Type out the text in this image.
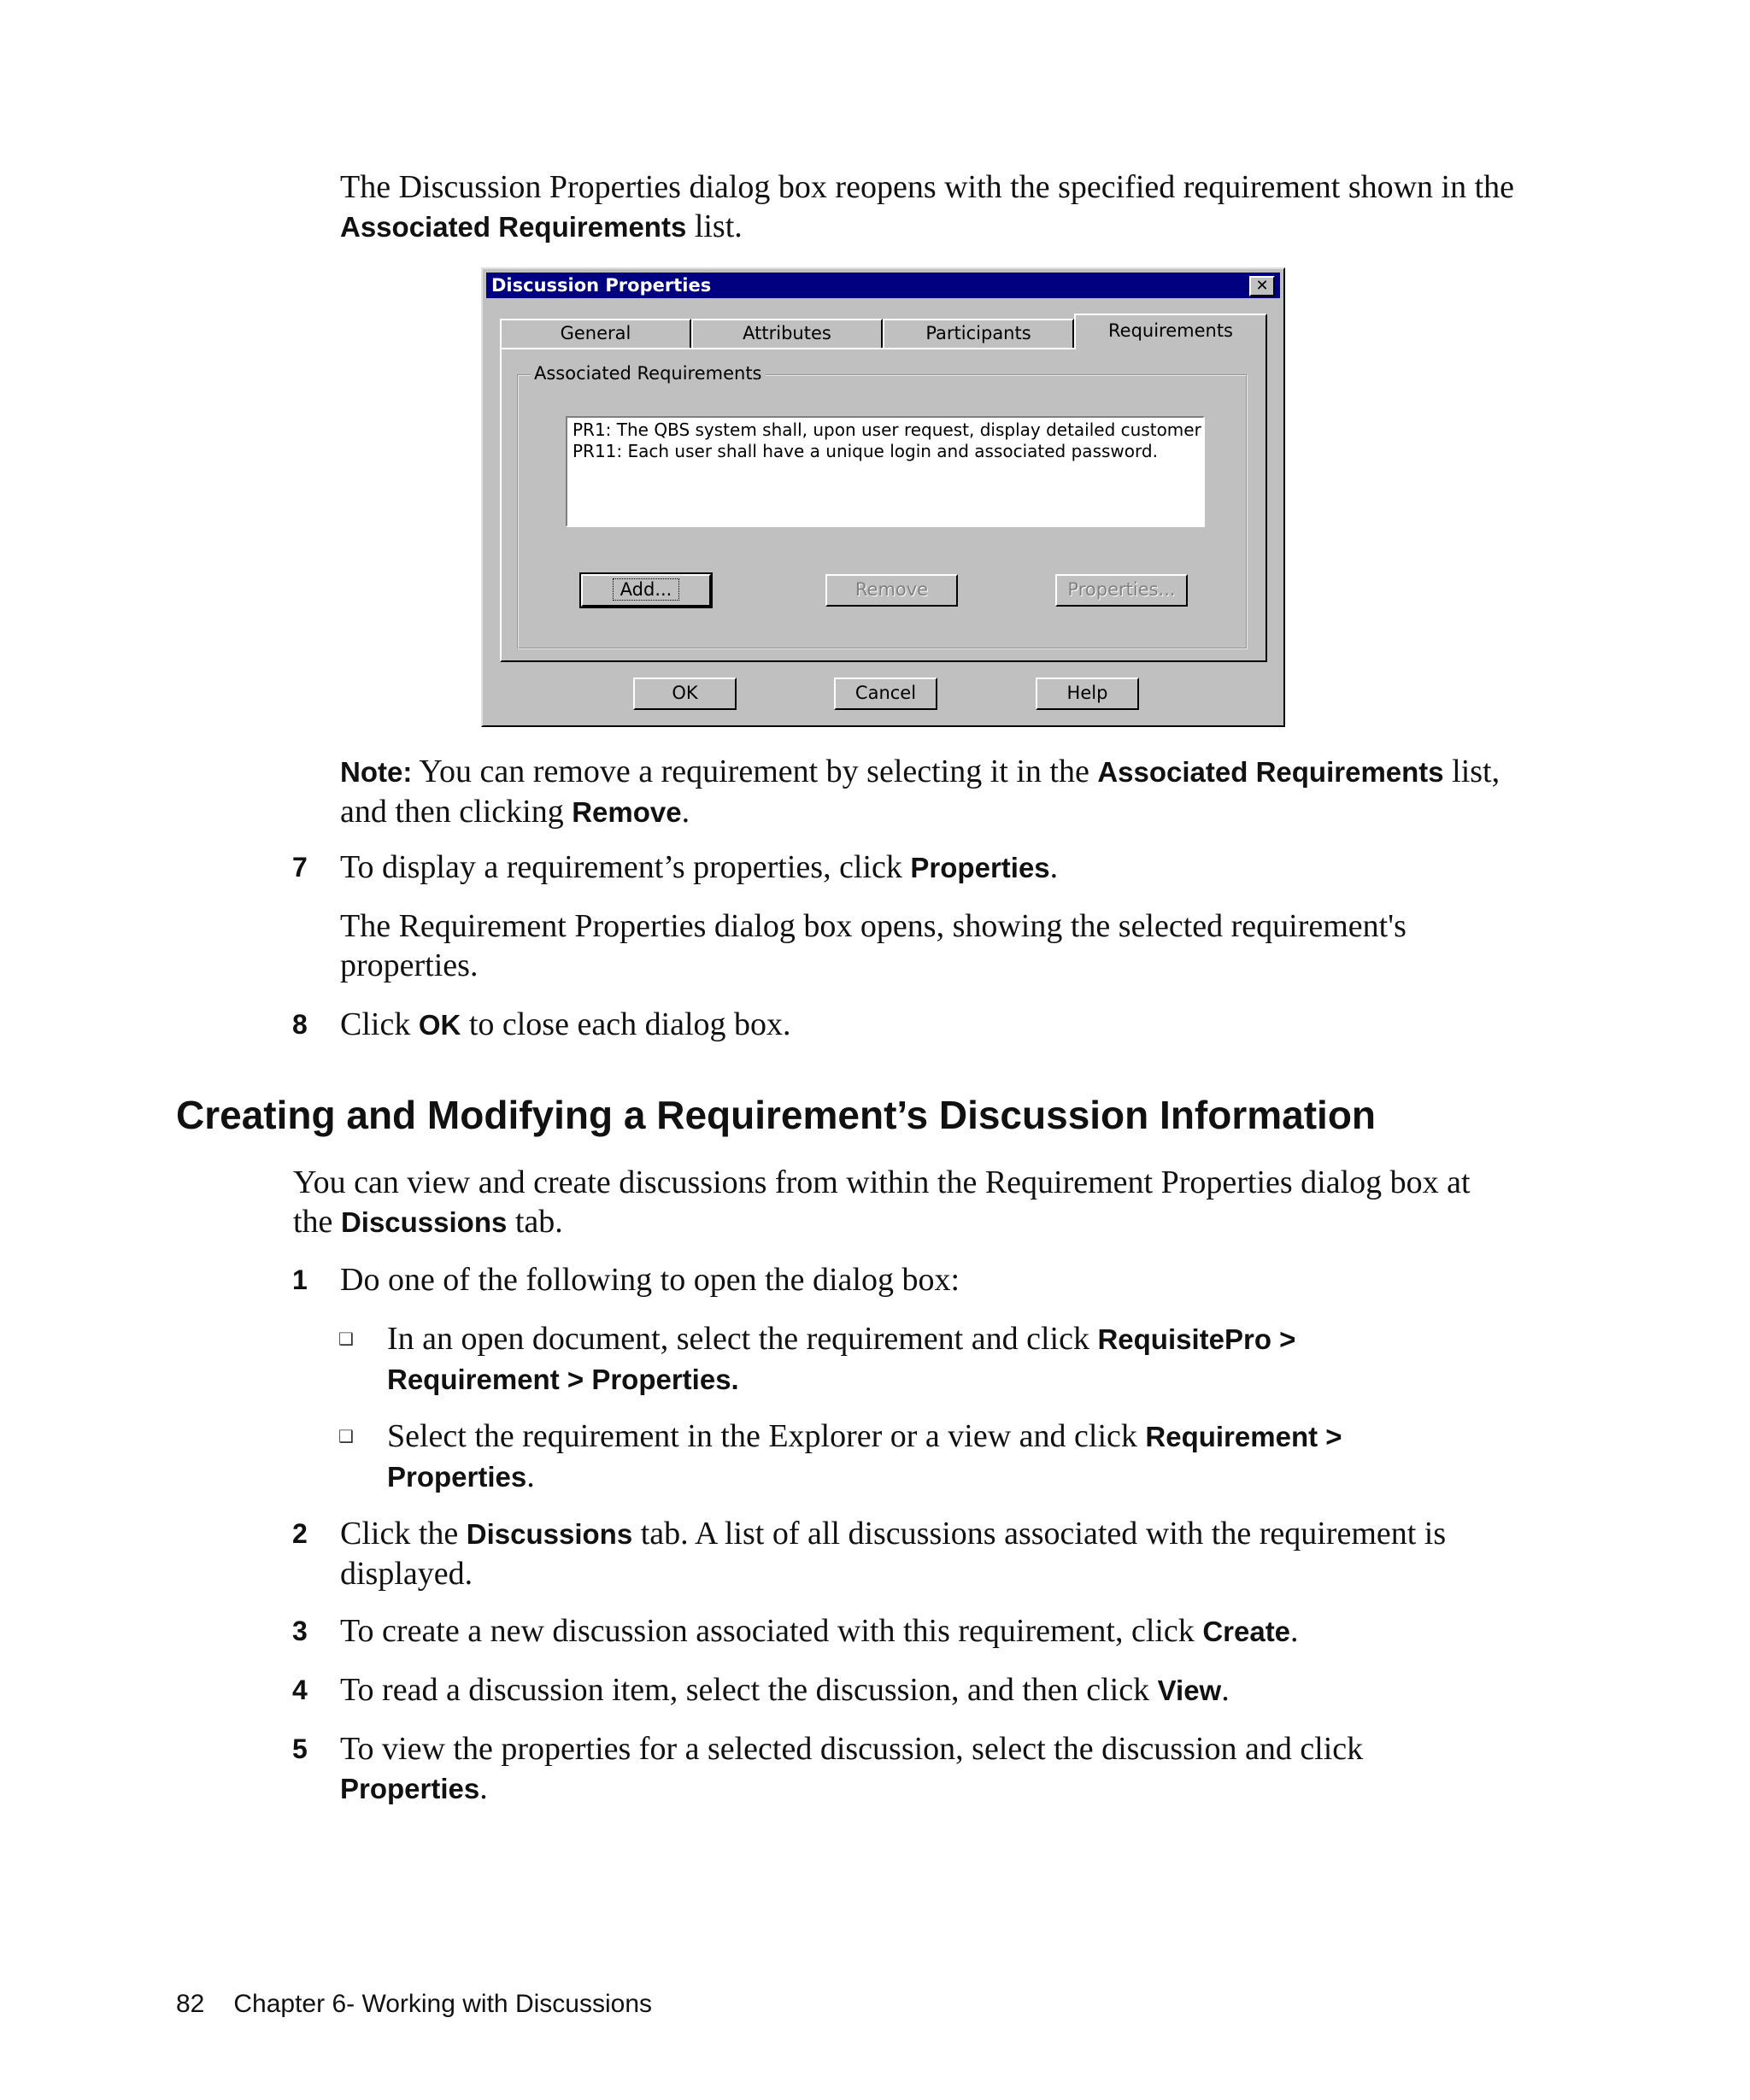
The Discussion Properties dialog box reopens with the specified requirement shown in the Associated Requirements list.

Discussion Properties	✕
General	Attributes	Participants	Requirements
Associated Requirements
PR1: The QBS system shall, upon user request, display detailed customer
PR11: Each user shall have a unique login and associated password.
Add...	Remove	Properties...
OK	Cancel	Help

Note: You can remove a requirement by selecting it in the Associated Requirements list, and then clicking Remove.

7 To display a requirement’s properties, click Properties.

The Requirement Properties dialog box opens, showing the selected requirement's properties.

8 Click OK to close each dialog box.

Creating and Modifying a Requirement’s Discussion Information

You can view and create discussions from within the Requirement Properties dialog box at the Discussions tab.

1 Do one of the following to open the dialog box:

❑ In an open document, select the requirement and click RequisitePro > Requirement > Properties.

❑ Select the requirement in the Explorer or a view and click Requirement > Properties.

2 Click the Discussions tab. A list of all discussions associated with the requirement is displayed.

3 To create a new discussion associated with this requirement, click Create.

4 To read a discussion item, select the discussion, and then click View.

5 To view the properties for a selected discussion, select the discussion and click Properties.

82 Chapter 6- Working with Discussions
